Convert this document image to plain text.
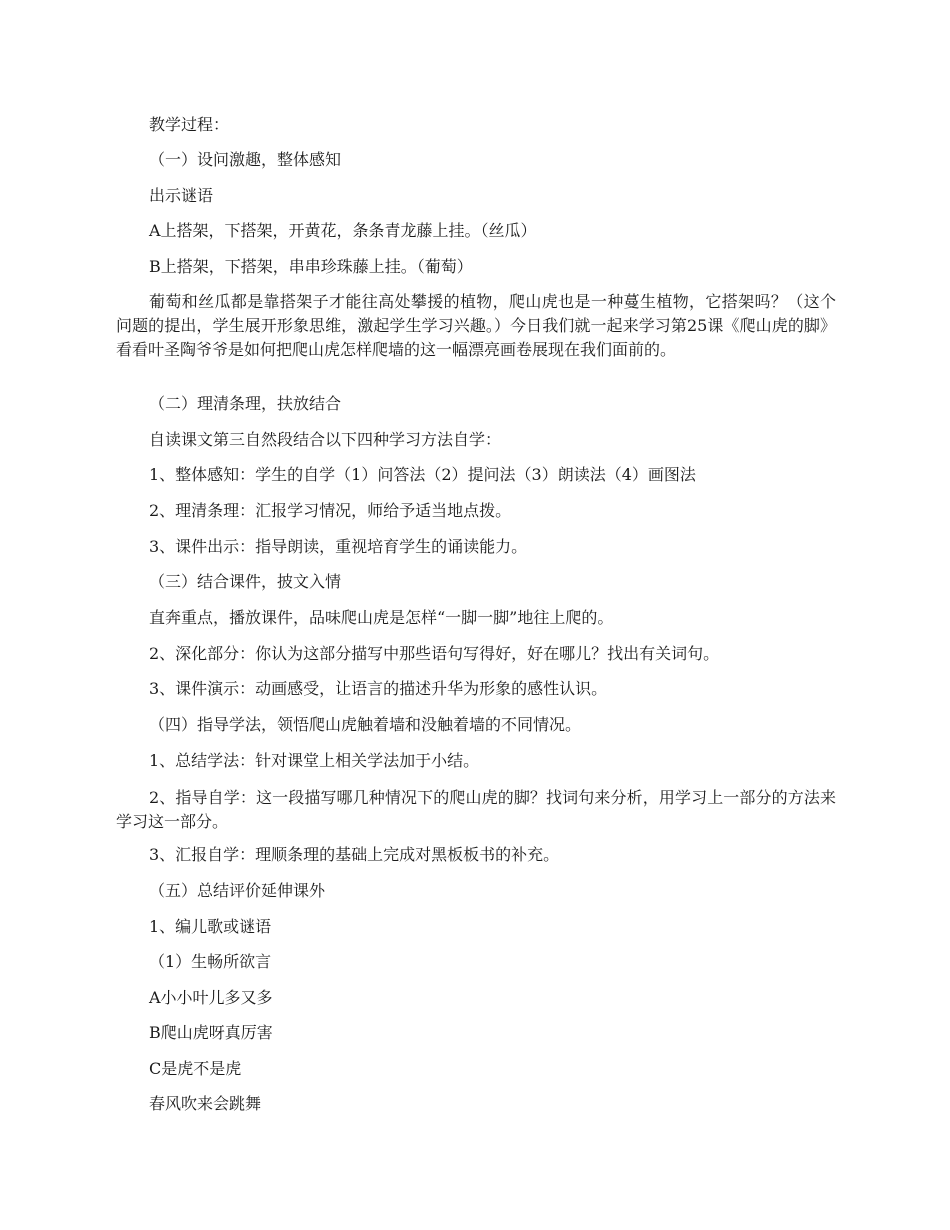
教学过程：
（一）设问激趣，整体感知
出示谜语
A上搭架，下搭架，开黄花，条条青龙藤上挂。（丝瓜）
B上搭架，下搭架，串串珍珠藤上挂。（葡萄）
葡萄和丝瓜都是靠搭架子才能往高处攀援的植物，爬山虎也是一种蔓生植物，它搭架吗？（这个问题的提出，学生展开形象思维，激起学生学习兴趣。）今日我们就一起来学习第25课《爬山虎的脚》看看叶圣陶爷爷是如何把爬山虎怎样爬墙的这一幅漂亮画卷展现在我们面前的。
（二）理清条理，扶放结合
自读课文第三自然段结合以下四种学习方法自学：
1、整体感知：学生的自学（1）问答法（2）提问法（3）朗读法（4）画图法
2、理清条理：汇报学习情况，师给予适当地点拨。
3、课件出示：指导朗读，重视培育学生的诵读能力。
（三）结合课件，披文入情
直奔重点，播放课件，品味爬山虎是怎样“一脚一脚”地往上爬的。
2、深化部分：你认为这部分描写中那些语句写得好，好在哪儿？找出有关词句。
3、课件演示：动画感受，让语言的描述升华为形象的感性认识。
（四）指导学法，领悟爬山虎触着墙和没触着墙的不同情况。
1、总结学法：针对课堂上相关学法加于小结。
2、指导自学：这一段描写哪几种情况下的爬山虎的脚？找词句来分析，用学习上一部分的方法来学习这一部分。
3、汇报自学：理顺条理的基础上完成对黑板板书的补充。
（五）总结评价延伸课外
1、编儿歌或谜语
（1）生畅所欲言
A小小叶儿多又多
B爬山虎呀真厉害
C是虎不是虎
春风吹来会跳舞
